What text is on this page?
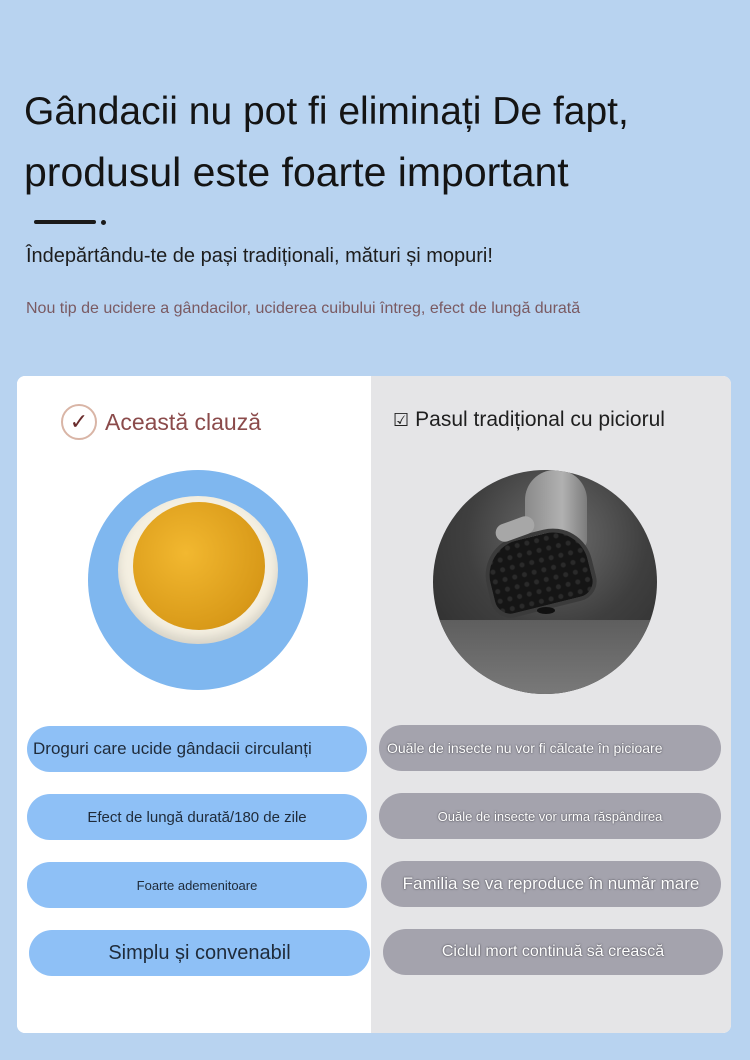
Gândacii nu pot fi eliminați De fapt,
produsul este foarte important

Îndepărtându-te de pași tradiționali, mături și mopuri!

Nou tip de ucidere a gândacilor, uciderea cuibului întreg, efect de lungă durată

✓ Această clauză	☑ Pasul tradițional cu piciorul
Droguri care ucide gândacii circulanți
Efect de lungă durată/180 de zile
Foarte ademenitoare
Simplu și convenabil
Ouăle de insecte nu vor fi călcate în picioare
Ouăle de insecte vor urma răspândirea
Familia se va reproduce în număr mare
Ciclul mort continuă să crească
